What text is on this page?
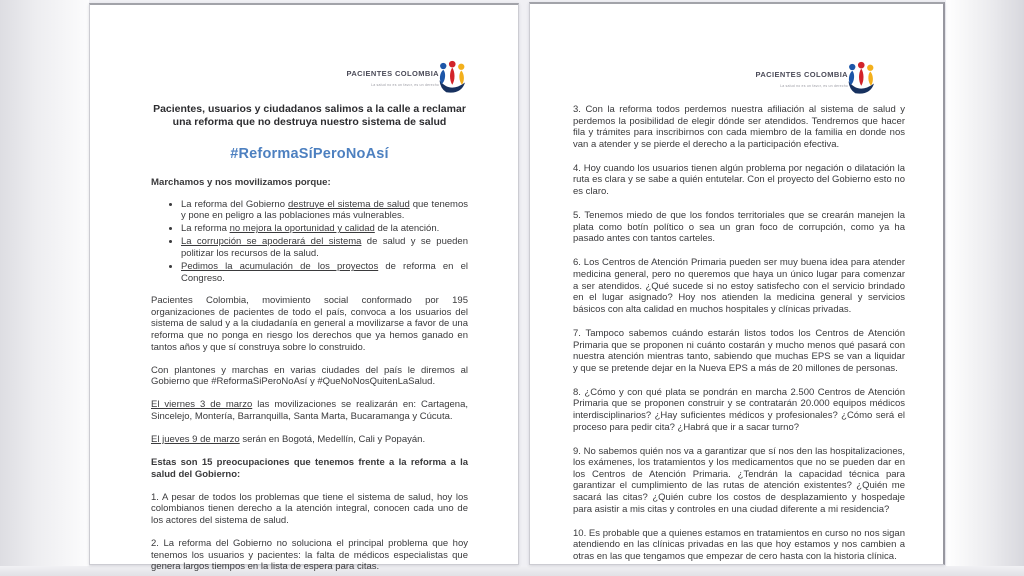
PACIENTES COLOMBIA
La salud no es un favor, es un derecho
Pacientes, usuarios y ciudadanos salimos a la calle a reclamar
una reforma que no destruya nuestro sistema de salud
#ReformaSíPeroNoAsí
Marchamos y nos movilizamos porque:
• La reforma del Gobierno destruye el sistema de salud que tenemos y pone en peligro a las poblaciones más vulnerables.
• La reforma no mejora la oportunidad y calidad de la atención.
• La corrupción se apoderará del sistema de salud y se pueden politizar los recursos de la salud.
• Pedimos la acumulación de los proyectos de reforma en el Congreso.

Pacientes Colombia, movimiento social conformado por 195 organizaciones de pacientes de todo el país, convoca a los usuarios del sistema de salud y a la ciudadanía en general a movilizarse a favor de una reforma que no ponga en riesgo los derechos que ya hemos ganado en tantos años y que sí construya sobre lo construido.

Con plantones y marchas en varias ciudades del país le diremos al Gobierno que #ReformaSiPeroNoAsí y #QueNoNosQuitenLaSalud.

El viernes 3 de marzo las movilizaciones se realizarán en: Cartagena, Sincelejo, Montería, Barranquilla, Santa Marta, Bucaramanga y Cúcuta.

El jueves 9 de marzo serán en Bogotá, Medellín, Cali y Popayán.

Estas son 15 preocupaciones que tenemos frente a la reforma a la salud del Gobierno:

1. A pesar de todos los problemas que tiene el sistema de salud, hoy los colombianos tienen derecho a la atención integral, conocen cada uno de los actores del sistema de salud.

2. La reforma del Gobierno no soluciona el principal problema que hoy tenemos los usuarios y pacientes: la falta de médicos especialistas que genera largos tiempos en la lista de espera para citas.

PACIENTES COLOMBIA
La salud no es un favor, es un derecho

3. Con la reforma todos perdemos nuestra afiliación al sistema de salud y perdemos la posibilidad de elegir dónde ser atendidos. Tendremos que hacer fila y trámites para inscribirnos con cada miembro de la familia en donde nos van a atender y se pierde el derecho a la participación efectiva.

4. Hoy cuando los usuarios tienen algún problema por negación o dilatación la ruta es clara y se sabe a quién entutelar. Con el proyecto del Gobierno esto no es claro.

5. Tenemos miedo de que los fondos territoriales que se crearán manejen la plata como botín político o sea un gran foco de corrupción, como ya ha pasado antes con tantos carteles.

6. Los Centros de Atención Primaria pueden ser muy buena idea para atender medicina general, pero no queremos que haya un único lugar para comenzar a ser atendidos. ¿Qué sucede si no estoy satisfecho con el servicio brindado en el lugar asignado? Hoy nos atienden la medicina general y servicios básicos con alta calidad en muchos hospitales y clínicas privadas.

7. Tampoco sabemos cuándo estarán listos todos los Centros de Atención Primaria que se proponen ni cuánto costarán y mucho menos qué pasará con nuestra atención mientras tanto, sabiendo que muchas EPS se van a liquidar y que se pretende dejar en la Nueva EPS a más de 20 millones de personas.

8. ¿Cómo y con qué plata se pondrán en marcha 2.500 Centros de Atención Primaria que se proponen construir y se contratarán 20.000 equipos médicos interdisciplinarios? ¿Hay suficientes médicos y profesionales? ¿Cómo será el proceso para pedir cita? ¿Habrá que ir a sacar turno?

9. No sabemos quién nos va a garantizar que sí nos den las hospitalizaciones, los exámenes, los tratamientos y los medicamentos que no se pueden dar en los Centros de Atención Primaria. ¿Tendrán la capacidad técnica para garantizar el cumplimiento de las rutas de atención existentes? ¿Quién me sacará las citas? ¿Quién cubre los costos de desplazamiento y hospedaje para asistir a mis citas y controles en una ciudad diferente a mi residencia?

10. Es probable que a quienes estamos en tratamientos en curso no nos sigan atendiendo en las clínicas privadas en las que hoy estamos y nos cambien a otras en las que tengamos que empezar de cero hasta con la historia clínica.
